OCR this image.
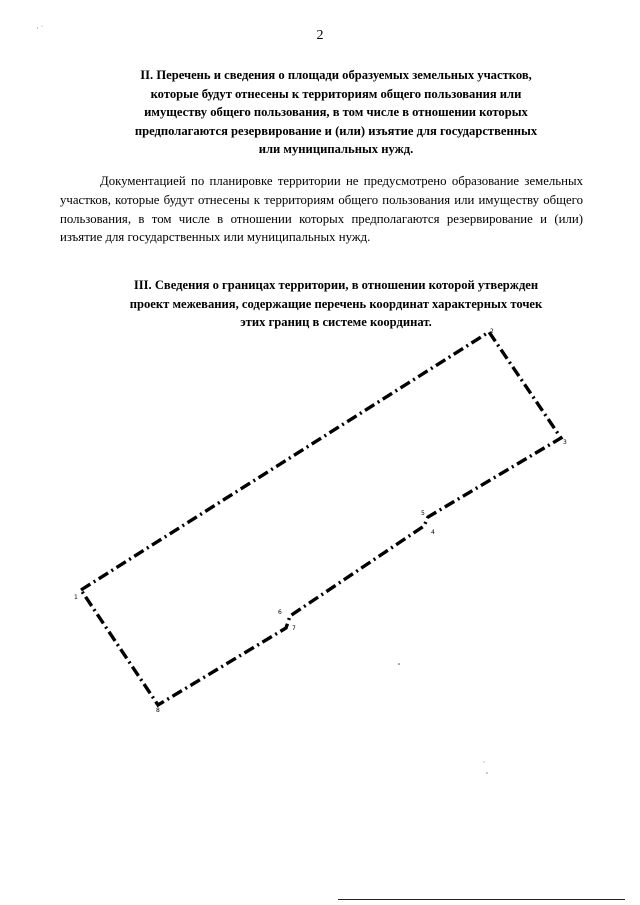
2
· ˙
II. Перечень и сведения о площади образуемых земельных участков,
которые будут отнесены к территориям общего пользования или
имуществу общего пользования, в том числе в отношении которых
предполагаются резервирование и (или) изъятие для государственных
или муниципальных нужд.
Документацией по планировке территории не предусмотрено образование земельных участков, которые будут отнесены к территориям общего пользования или имуществу общего пользования, в том числе в отношении которых предполагаются резервирование и (или) изъятие для государственных или муниципальных нужд.
III. Сведения о границах территории, в отношении которой утвержден
проект межевания, содержащие перечень координат характерных точек
этих границ в системе координат.
1
2
3
4
5
6
7
8
